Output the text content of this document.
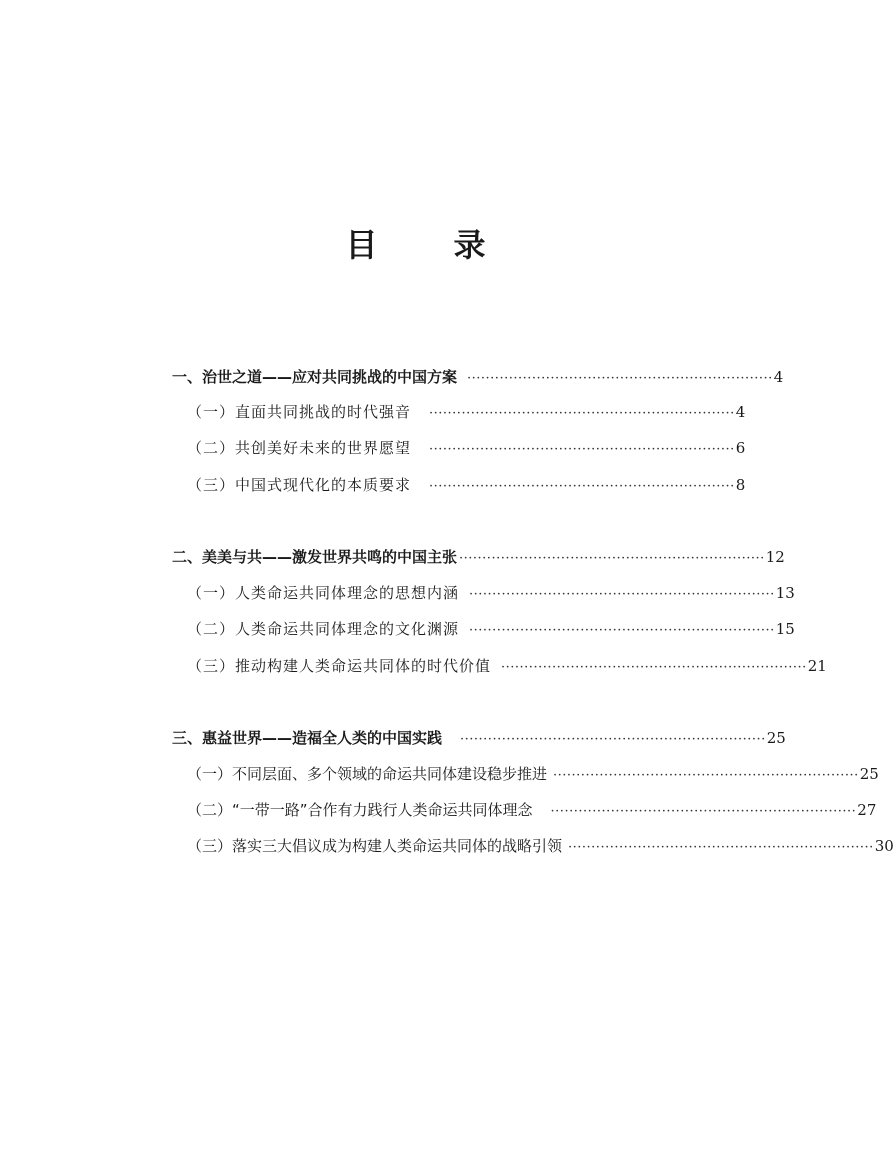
目　录
一、治世之道——应对共同挑战的中国方案 ·································································· 4
（一）直面共同挑战的时代强音 ·································································· 4
（二）共创美好未来的世界愿望 ·································································· 6
（三）中国式现代化的本质要求 ·································································· 8
二、美美与共——激发世界共鸣的中国主张 ·································································· 12
（一）人类命运共同体理念的思想内涵 ·································································· 13
（二）人类命运共同体理念的文化渊源 ·································································· 15
（三）推动构建人类命运共同体的时代价值 ·································································· 21
三、惠益世界——造福全人类的中国实践 ·································································· 25
（一）不同层面、多个领域的命运共同体建设稳步推进 ·································································· 25
（二）“一带一路”合作有力践行人类命运共同体理念 ·································································· 27
（三）落实三大倡议成为构建人类命运共同体的战略引领 ·································································· 30
